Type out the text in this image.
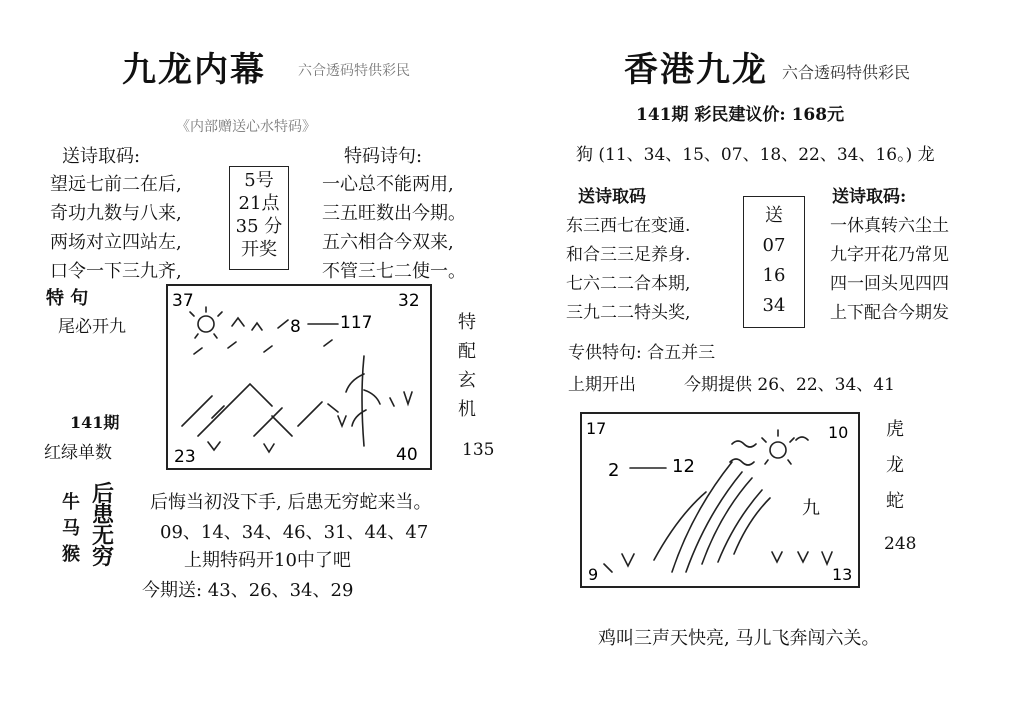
九龙内幕 六合透码特供彩民
《内部赠送心水特码》
送诗取码:
望远七前二在后,
奇功九数与八来,
两场对立四站左,
口令一下三九齐,
5号
21点
35 分
开奖
特码诗句:
一心总不能两用,
三五旺数出今期。
五六相合今双来,
不管三七二使一。
特 句
尾必开九
141期
红绿单数
37	32
8 117
23	40
特
配
玄
机
135
牛
马
猴
后
患
无
穷
后悔当初没下手, 后患无穷蛇来当。
09、14、34、46、31、44、47
上期特码开10中了吧
今期送: 43、26、34、29
香港九龙 六合透码特供彩民
141期 彩民建议价: 168元
狗 (11、34、15、07、18、22、34、16。) 龙
送诗取码
东三西七在变通.
和合三三足养身.
七六二二合本期,
三九二二特头奖,
送
07
16
34
送诗取码:
一休真转六尘土
九字开花乃常见
四一回头见四四
上下配合今期发
专供特句: 合五并三
上期开出	今期提供 26、22、34、41
17	10
2	12
九
9	13
虎
龙
蛇
248
鸡叫三声天快亮, 马儿飞奔闯六关。
